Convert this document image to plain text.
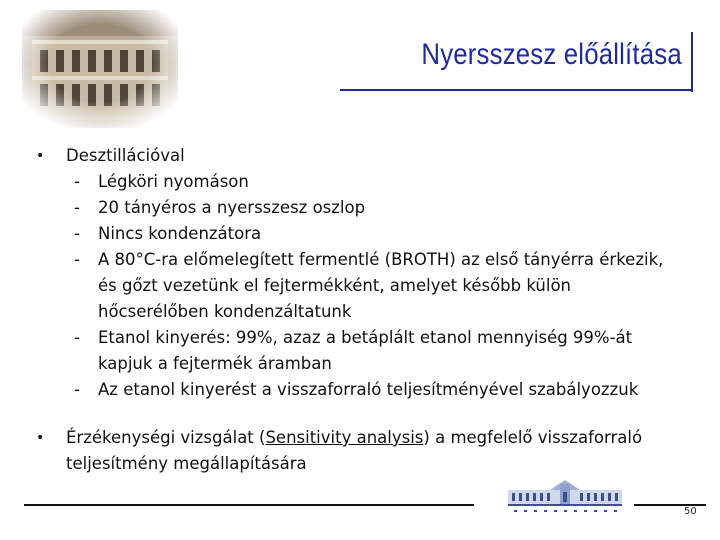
Nyersszesz előállítása
• Desztillációval
- Légköri nyomáson
- 20 tányéros a nyersszesz oszlop
- Nincs kondenzátora
- A 80°C-ra előmelegített fermentlé (BROTH) az első tányérra érkezik,
és gőzt vezetünk el fejtermékként, amelyet később külön
hőcserélőben kondenzáltatunk
- Etanol kinyerés: 99%, azaz a betáplált etanol mennyiség 99%-át
kapjuk a fejtermék áramban
- Az etanol kinyerést a visszaforraló teljesítményével szabályozzuk
• Érzékenységi vizsgálat (Sensitivity analysis) a megfelelő visszaforraló
teljesítmény megállapítására
50
